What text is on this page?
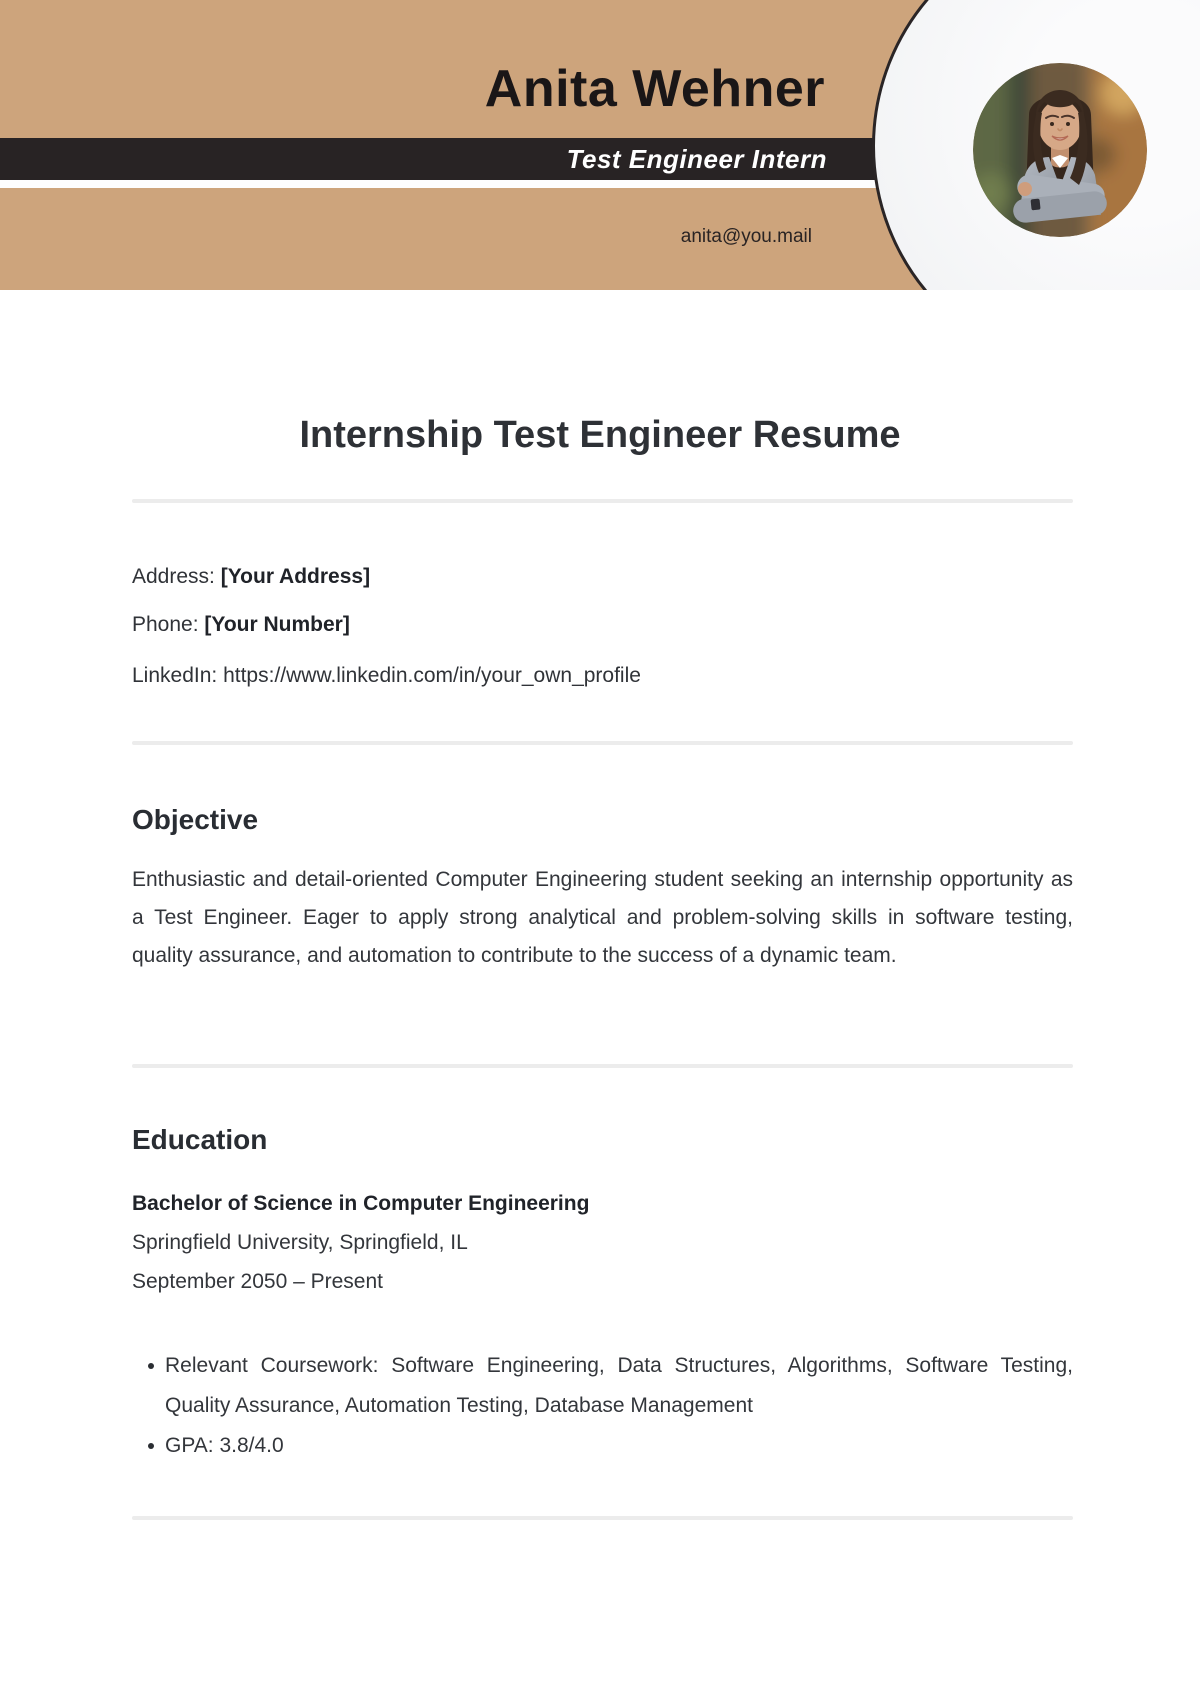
Anita Wehner
Test Engineer Intern
anita@you.mail
Internship Test Engineer Resume
Address: [Your Address]
Phone: [Your Number]
LinkedIn: https://www.linkedin.com/in/your_own_profile
Objective
Enthusiastic and detail-oriented Computer Engineering student seeking an internship opportunity as a Test Engineer. Eager to apply strong analytical and problem-solving skills in software testing, quality assurance, and automation to contribute to the success of a dynamic team.
Education
Bachelor of Science in Computer Engineering
Springfield University, Springfield, IL
September 2050 – Present
Relevant Coursework: Software Engineering, Data Structures, Algorithms, Software Testing, Quality Assurance, Automation Testing, Database Management
GPA: 3.8/4.0
